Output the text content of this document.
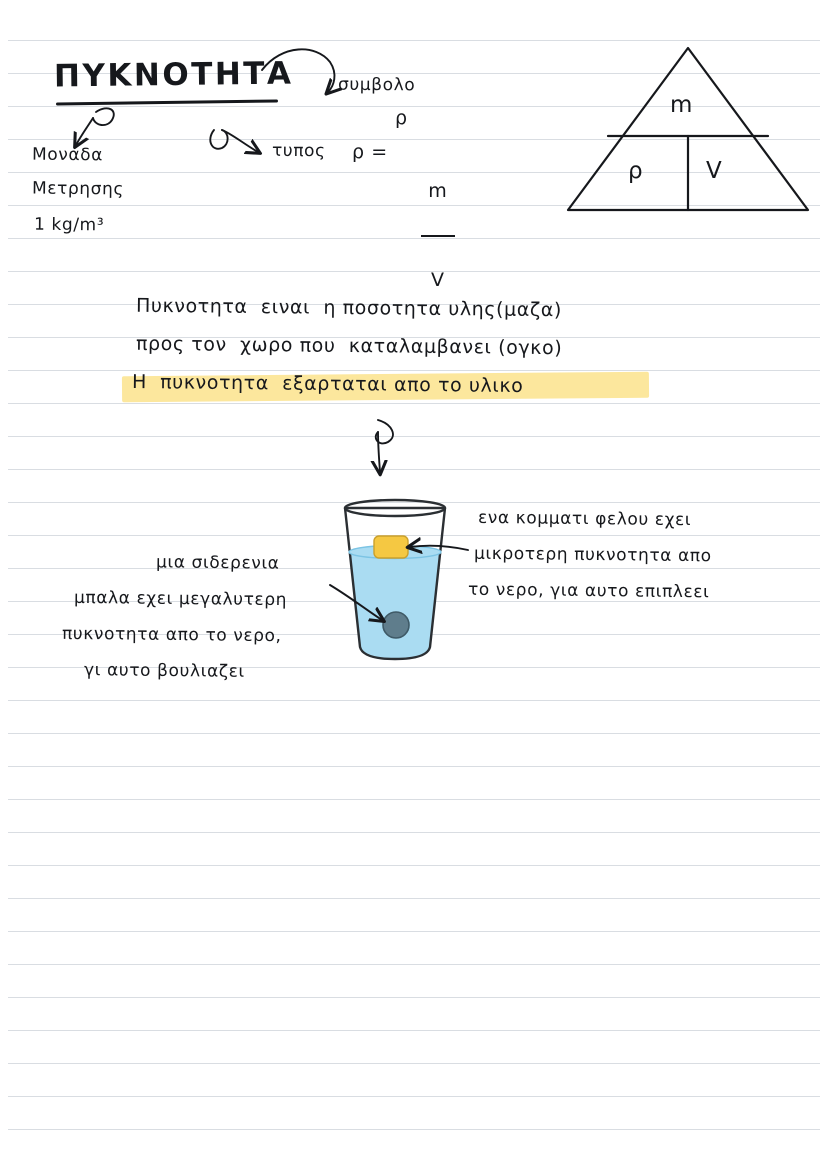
ΠΥΚΝΟΤΗΤΑ
Μοναδα
Μετρησης
1 kg/m³
συμβολο
ρ
τυπος ρ =

$\frac{m}{V}$

m
ρ	V
Πυκνοτητα  ειναι  η ποσοτητα υλης(μαζα)
προς τον  χωρο που  καταλαμβανει (ογκο)
Η  πυκνοτητα  εξαρταται απο το υλικο
μια σιδερενια
μπαλα εχει μεγαλυτερη
πυκνοτητα απο το νερο,
γι αυτο βουλιαζει
ενα κομματι φελου εχει
μικροτερη πυκνοτητα απο
το νερο, για αυτο επιπλεει
